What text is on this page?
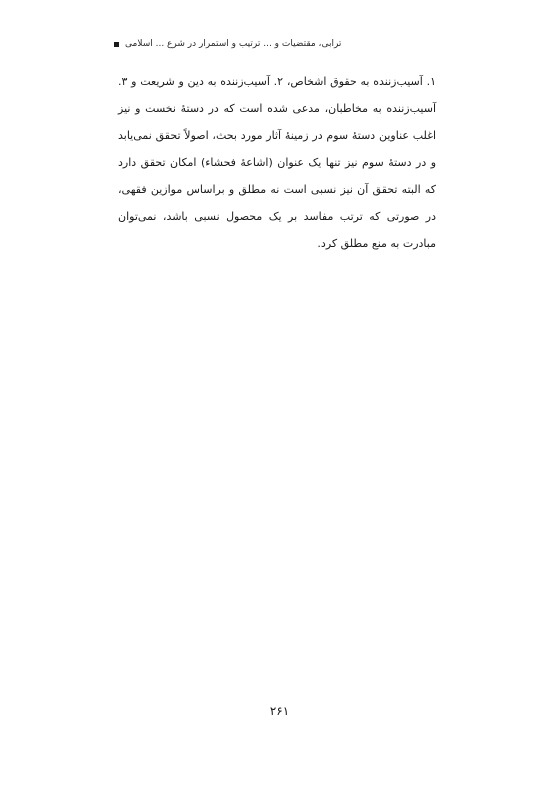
ترابی، مقتضیات و ... ترتیب و استمرار در شرع ... اسلامی

۱. آسیب‌زننده به حقوق اشخاص، ۲. آسیب‌زننده به دین و شریعت و ۳. آسیب‌زننده به مخاطبان، مدعی شده است که در دستهٔ نخست و نیز اغلب عناوین دستهٔ سوم در زمینهٔ آثار مورد بحث، اصولاً تحقق نمی‌یابد و در دستهٔ سوم نیز تنها یک عنوان (اشاعهٔ فحشاء) امکان تحقق دارد که البته تحقق آن نیز نسبی است نه مطلق و براساس موازین فقهی، در صورتی که ترتب مفاسد بر یک محصول نسبی باشد، نمی‌توان مبادرت به منع مطلق کرد.

۲۶۱
